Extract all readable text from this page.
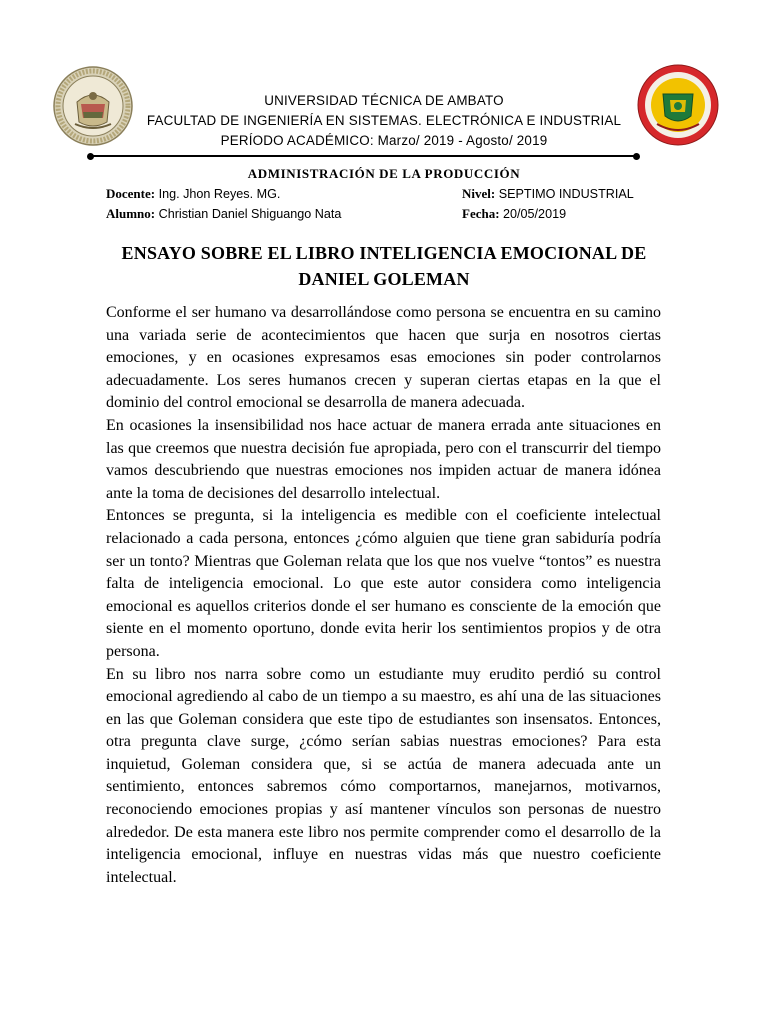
UNIVERSIDAD TÉCNICA DE AMBATO
FACULTAD DE INGENIERÍA EN SISTEMAS. ELECTRÓNICA E INDUSTRIAL
PERÍODO ACADÉMICO: Marzo/ 2019 - Agosto/ 2019
ADMINISTRACIÓN DE LA PRODUCCIÓN
Docente: Ing. Jhon Reyes. MG.	Nivel: SEPTIMO INDUSTRIAL
Alumno: Christian Daniel Shiguango Nata	Fecha: 20/05/2019
ENSAYO SOBRE EL LIBRO INTELIGENCIA EMOCIONAL DE
DANIEL GOLEMAN

Conforme el ser humano va desarrollándose como persona se encuentra en su camino una variada serie de acontecimientos que hacen que surja en nosotros ciertas emociones, y en ocasiones expresamos esas emociones sin poder controlarnos adecuadamente. Los seres humanos crecen y superan ciertas etapas en la que el dominio del control emocional se desarrolla de manera adecuada.

En ocasiones la insensibilidad nos hace actuar de manera errada ante situaciones en las que creemos que nuestra decisión fue apropiada, pero con el transcurrir del tiempo vamos descubriendo que nuestras emociones nos impiden actuar de manera idónea ante la toma de decisiones del desarrollo intelectual.

Entonces se pregunta, si la inteligencia es medible con el coeficiente intelectual relacionado a cada persona, entonces ¿cómo alguien que tiene gran sabiduría podría ser un tonto? Mientras que Goleman relata que los que nos vuelve “tontos” es nuestra falta de inteligencia emocional. Lo que este autor considera como inteligencia emocional es aquellos criterios donde el ser humano es consciente de la emoción que siente en el momento oportuno, donde evita herir los sentimientos propios y de otra persona.

En su libro nos narra sobre como un estudiante muy erudito perdió su control emocional agrediendo al cabo de un tiempo a su maestro, es ahí una de las situaciones en las que Goleman considera que este tipo de estudiantes son insensatos. Entonces, otra pregunta clave surge, ¿cómo serían sabias nuestras emociones? Para esta inquietud, Goleman considera que, si se actúa de manera adecuada ante un sentimiento, entonces sabremos cómo comportarnos, manejarnos, motivarnos, reconociendo emociones propias y así mantener vínculos son personas de nuestro alrededor. De esta manera este libro nos permite comprender como el desarrollo de la inteligencia emocional, influye en nuestras vidas más que nuestro coeficiente intelectual.
